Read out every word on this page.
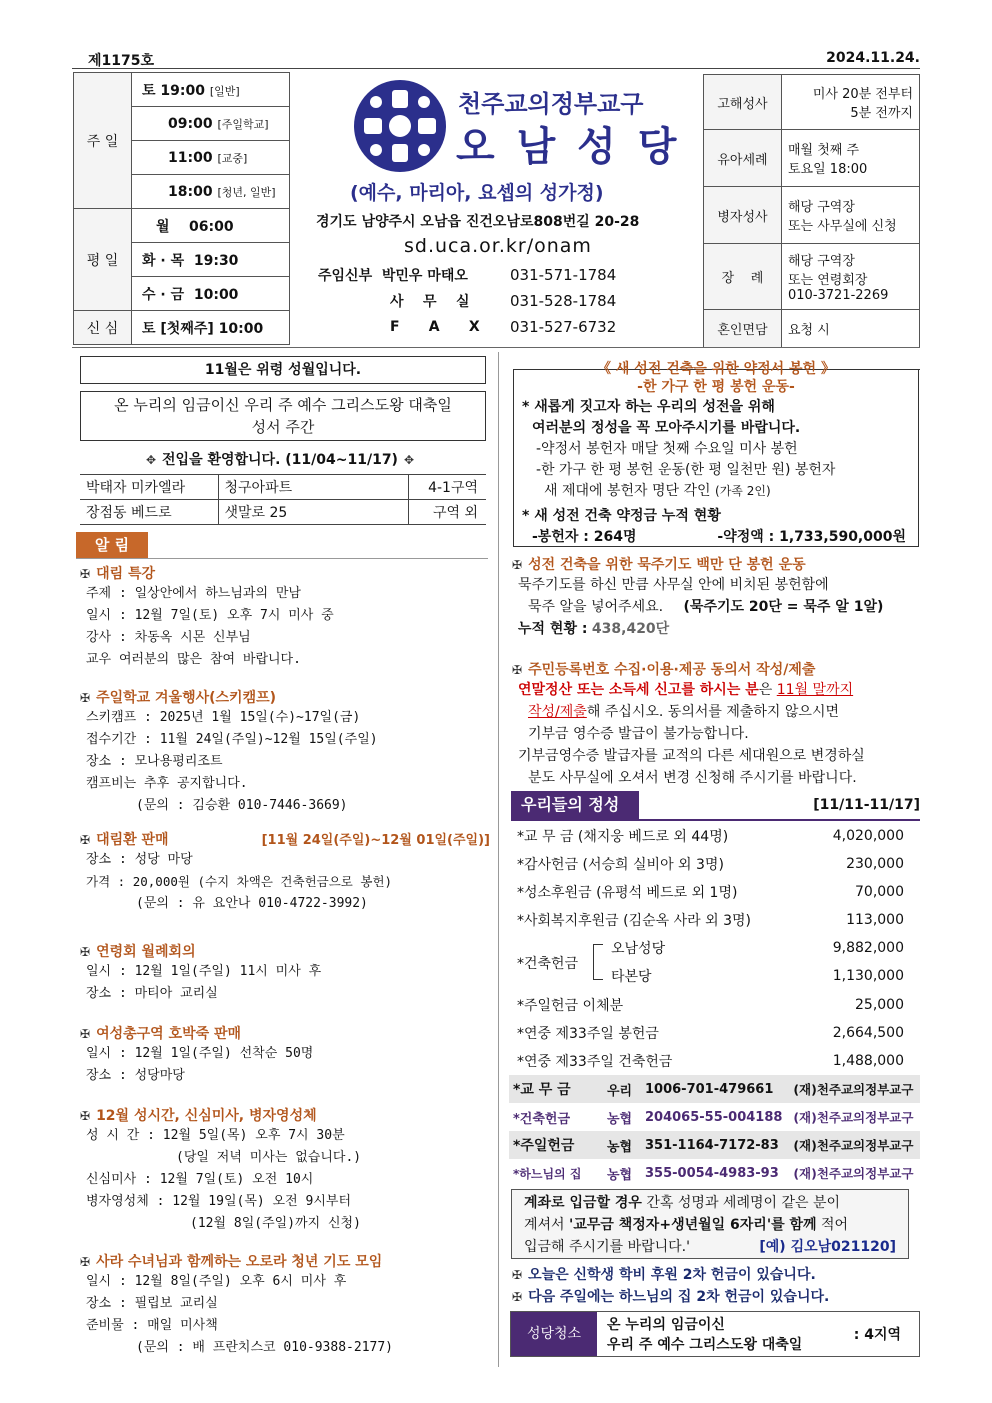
제1175호	2024.11.24.
주 일	토 19:00 [일반]
	09:00 [주일학교]
	11:00 [교중]
	18:00 [청년, 일반]
평 일	월    06:00
	화 · 목  19:30
	수 · 금  10:00
신 심	토 [첫째주] 10:00
천주교의정부교구
오 남 성 당
(예수, 마리아, 요셉의 성가정)
경기도 남양주시 오남읍 진건오남로808번길 20-28
sd.uca.or.kr/onam
주임신부  박민우 마태오	031-571-1784
사    무    실	031-528-1784
F      A      X	031-527-6732
고해성사	미사 20분 전부터
5분 전까지
유아세례	매월 첫째 주
토요일 18:00
병자성사	해당 구역장
또는 사무실에 신청
장    례	해당 구역장
또는 연령회장
010-3721-2269
혼인면담	요청 시
11월은 위령 성월입니다.
온 누리의 임금이신 우리 주 예수 그리스도왕 대축일 성서 주간
✥ 전입을 환영합니다. (11/04~11/17) ✥
박태자 미카엘라	청구아파트	4-1구역
장점동 베드로	샛말로 25	구역 외
알 림
✠ 대림 특강
주제 : 일상안에서 하느님과의 만남
일시 : 12월 7일(토) 오후 7시 미사 중
강사 : 차동옥 시몬 신부님
교우 여러분의 많은 참여 바랍니다.
✠ 주일학교 겨울행사(스키캠프)
스키캠프 : 2025년 1월 15일(수)~17일(금)
접수기간 : 11월 24일(주일)~12월 15일(주일)
장소 : 모나용평리조트
캠프비는 추후 공지합니다.
(문의 : 김승환 010-7446-3669)
✠ 대림환 판매	[11월 24일(주일)~12월 01일(주일)]
장소 : 성당 마당
가격 : 20,000원 (수지 차액은 건축헌금으로 봉헌)
(문의 : 유 요안나 010-4722-3992)
✠ 연령회 월례회의
일시 : 12월 1일(주일) 11시 미사 후
장소 : 마티아 교리실
✠ 여성총구역 호박죽 판매
일시 : 12월 1일(주일) 선착순 50명
장소 : 성당마당
✠ 12월 성시간, 신심미사, 병자영성체
성 시 간 : 12월 5일(목) 오후 7시 30분
(당일 저녁 미사는 없습니다.)
신심미사 : 12월 7일(토) 오전 10시
병자영성체 : 12월 19일(목) 오전 9시부터
(12월 8일(주일)까지 신청)
✠ 사라 수녀님과 함께하는 오로라 청년 기도 모임
일시 : 12월 8일(주일) 오후 6시 미사 후
장소 : 필립보 교리실
준비물 : 매일 미사책
(문의 : 배 프란치스코 010-9388-2177)
《 새 성전 건축을 위한 약정서 봉헌 》
-한 가구 한 평 봉헌 운동-
* 새롭게 짓고자 하는 우리의 성전을 위해
여러분의 정성을 꼭 모아주시기를 바랍니다.
-약정서 봉헌자 매달 첫째 수요일 미사 봉헌
-한 가구 한 평 봉헌 운동(한 평 일천만 원) 봉헌자
새 제대에 봉헌자 명단 각인 (가족 2인)
* 새 성전 건축 약정금 누적 현황
-봉헌자 : 264명	-약정액 : 1,733,590,000원
✠ 성전 건축을 위한 묵주기도 백만 단 봉헌 운동
묵주기도를 하신 만큼 사무실 안에 비치된 봉헌함에
묵주 알을 넣어주세요. (묵주기도 20단 = 묵주 알 1알)
누적 현황 : 438,420단
✠ 주민등록번호 수집·이용·제공 동의서 작성/제출
연말정산 또는 소득세 신고를 하시는 분은 11월 말까지
작성/제출해 주십시오. 동의서를 제출하지 않으시면
기부금 영수증 발급이 불가능합니다.
기부금영수증 발급자를 교적의 다른 세대원으로 변경하실
분도 사무실에 오셔서 변경 신청해 주시기를 바랍니다.
우리들의 정성	[11/11-11/17]
*교 무 금 (채지웅 베드로 외 44명)	4,020,000
*감사헌금 (서승희 실비아 외 3명)	230,000
*성소후원금 (유평석 베드로 외 1명)	70,000
*사회복지후원금 (김순옥 사라 외 3명)	113,000
*건축헌금
오남성당	9,882,000
타본당	1,130,000
*주일헌금 이체분	25,000
*연중 제33주일 봉헌금	2,664,500
*연중 제33주일 건축헌금	1,488,000
*교 무 금	우리	1006-701-479661	(재)천주교의정부교구
*건축헌금	농협	204065-55-004188	(재)천주교의정부교구
*주일헌금	농협	351-1164-7172-83	(재)천주교의정부교구
*하느님의 집	농협	355-0054-4983-93	(재)천주교의정부교구
계좌로 입금할 경우 간혹 성명과 세례명이 같은 분이
계셔서 '교무금 책정자+생년월일 6자리'를 함께 적어
입금해 주시기를 바랍니다.'	[예) 김오남021120]
✠ 오늘은 신학생 학비 후원 2차 헌금이 있습니다.
✠ 다음 주일에는 하느님의 집 2차 헌금이 있습니다.
성당청소
온 누리의 임금이신
우리 주 예수 그리스도왕 대축일
: 4지역
